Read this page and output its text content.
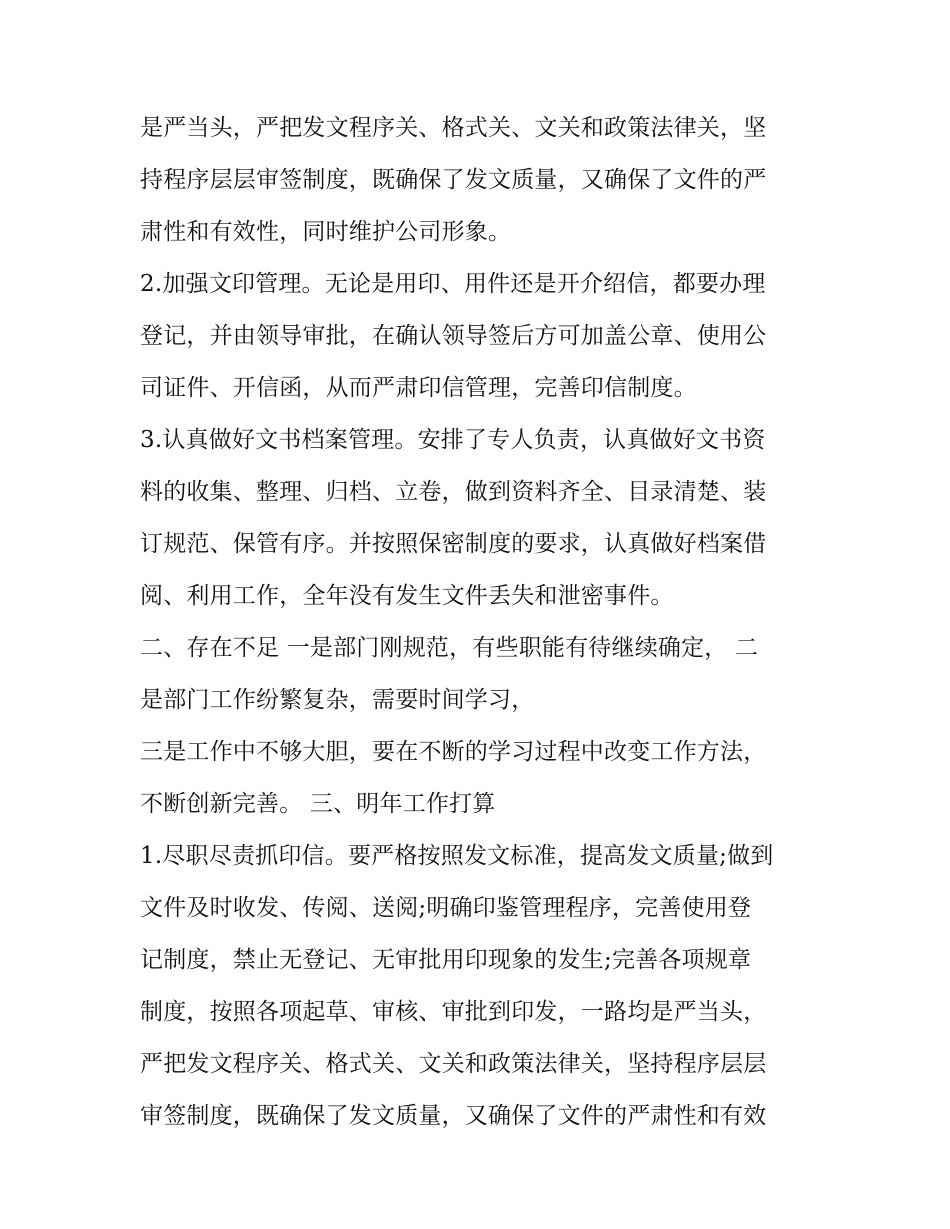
是严当头，严把发文程序关、格式关、文关和政策法律关，坚
持程序层层审签制度，既确保了发文质量，又确保了文件的严
肃性和有效性，同时维护公司形象。
2.加强文印管理。无论是用印、用件还是开介绍信，都要办理
登记，并由领导审批，在确认领导签后方可加盖公章、使用公
司证件、开信函，从而严肃印信管理，完善印信制度。
3.认真做好文书档案管理。安排了专人负责，认真做好文书资
料的收集、整理、归档、立卷，做到资料齐全、目录清楚、装
订规范、保管有序。并按照保密制度的要求，认真做好档案借
阅、利用工作，全年没有发生文件丢失和泄密事件。
二、存在不足 一是部门刚规范，有些职能有待继续确定， 二
是部门工作纷繁复杂，需要时间学习，
三是工作中不够大胆，要在不断的学习过程中改变工作方法，
不断创新完善。 三、明年工作打算
1.尽职尽责抓印信。要严格按照发文标准，提高发文质量;做到
文件及时收发、传阅、送阅;明确印鉴管理程序，完善使用登
记制度，禁止无登记、无审批用印现象的发生;完善各项规章
制度，按照各项起草、审核、审批到印发，一路均是严当头，
严把发文程序关、格式关、文关和政策法律关，坚持程序层层
审签制度，既确保了发文质量，又确保了文件的严肃性和有效
